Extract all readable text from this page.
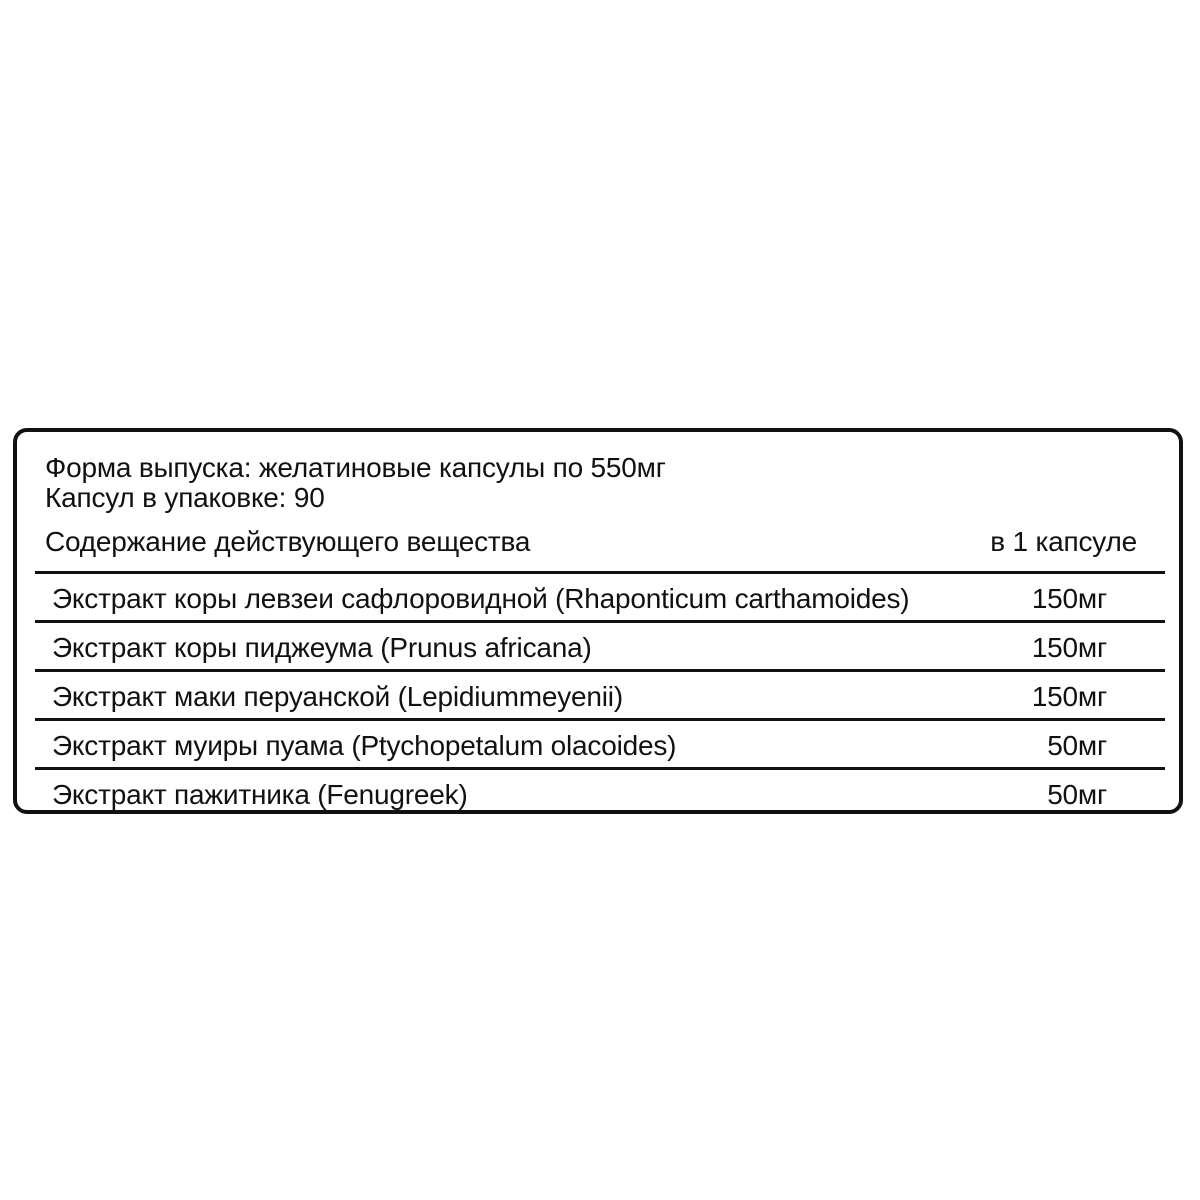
Форма выпуска: желатиновые капсулы по 550мг
Капсул в упаковке: 90
Содержание действующего вещества	в 1 капсуле
Экстракт коры левзеи сафлоровидной (Rhaponticum carthamoides)	150мг
Экстракт коры пиджеума (Prunus africana)	150мг
Экстракт маки перуанской (Lepidiummeyenii)	150мг
Экстракт муиры пуама (Ptychopetalum olacoides)	50мг
Экстракт пажитника (Fenugreek)	50мг
